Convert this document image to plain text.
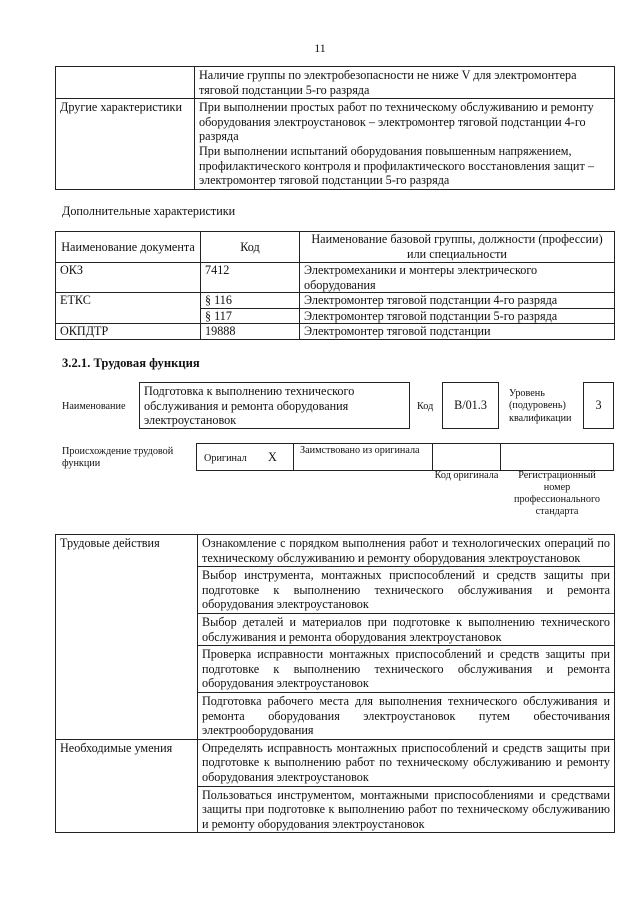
11

	Наличие группы по электробезопасности не ниже V для электромонтера тяговой подстанции 5-го разряда

Другие характеристики	При выполнении простых работ по техническому обслуживанию и ремонту оборудования электроустановок – электромонтер тяговой подстанции 4-го разряда
При выполнении испытаний оборудования повышенным напряжением, профилактического контроля и профилактического восстановления защит – электромонтер тяговой подстанции 5-го разряда
Дополнительные характеристики
Наименование документа	Код	Наименование базовой группы, должности (профессии) или специальности
ОКЗ	7412	Электромеханики и монтеры электрического оборудования
ЕТКС	§ 116	Электромонтер тяговой подстанции 4-го разряда
	§ 117	Электромонтер тяговой подстанции 5-го разряда
ОКПДТР	19888	Электромонтер тяговой подстанции
3.2.1. Трудовая функция
Наименование
Подготовка к выполнению технического обслуживания и ремонта оборудования электроустановок
Код	B/01.3
Уровень (подуровень) квалификации
3
Происхождение трудовой функции	Оригинал X Заимствовано из оригинала
Код оригинала	Регистрационный номер профессионального стандарта
Трудовые действия	Ознакомление с порядком выполнения работ и технологических операций по техническому обслуживанию и ремонту оборудования электроустановок
Выбор инструмента, монтажных приспособлений и средств защиты при подготовке к выполнению технического обслуживания и ремонта оборудования электроустановок
Выбор деталей и материалов при подготовке к выполнению технического обслуживания и ремонта оборудования электроустановок
Проверка исправности монтажных приспособлений и средств защиты при подготовке к выполнению технического обслуживания и ремонта оборудования электроустановок
Подготовка рабочего места для выполнения технического обслуживания и ремонта оборудования электроустановок путем обесточивания электрооборудования

Необходимые умения	Определять исправность монтажных приспособлений и средств защиты при подготовке к выполнению работ по техническому обслуживанию и ремонту оборудования электроустановок
Пользоваться инструментом, монтажными приспособлениями и средствами защиты при подготовке к выполнению работ по техническому обслуживанию и ремонту оборудования электроустановок
